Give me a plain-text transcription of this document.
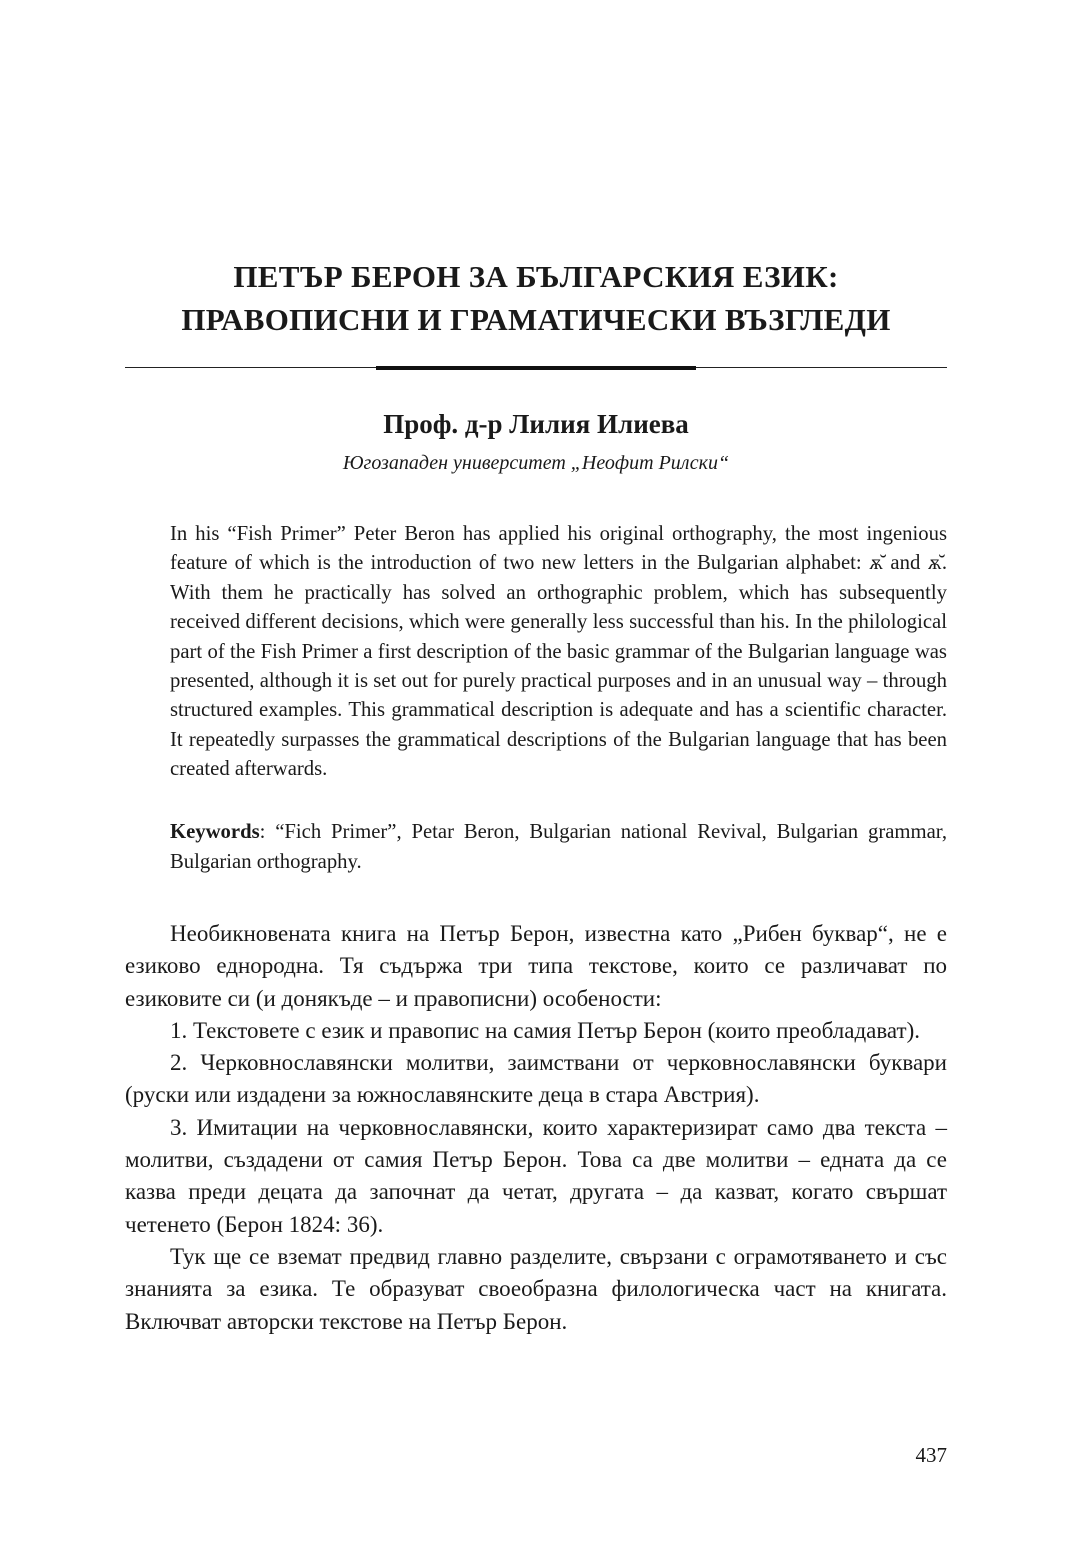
ПЕТЪР БЕРОН ЗА БЪЛГАРСКИЯ ЕЗИК:
ПРАВОПИСНИ И ГРАМАТИЧЕСКИ ВЪЗГЛЕДИ

Проф. д-р Лилия Илиева

Югозападен университет „Неофит Рилски“

In his “Fish Primer” Peter Beron has applied his original orthography, the most ingenious feature of which is the introduction of two new letters in the Bulgarian alphabet: ѫ̆ and ѫ̆. With them he practically has solved an orthographic problem, which has subsequently received different decisions, which were generally less successful than his. In the philological part of the Fish Primer a first description of the basic grammar of the Bulgarian language was presented, although it is set out for purely practical purposes and in an unusual way – through structured examples. This grammatical description is adequate and has a scientific character. It repeatedly surpasses the grammatical descriptions of the Bulgarian language that has been created afterwards.

Keywords: “Fich Primer”, Petar Beron, Bulgarian national Revival, Bulgarian grammar, Bulgarian orthography.

Необикновената книга на Петър Берон, известна като „Рибен буквар“, не е езиково еднородна. Тя съдържа три типа текстове, които се различават по езиковите си (и донякъде – и правописни) особености:

1. Текстовете с език и правопис на самия Петър Берон (които преобладават).

2. Черковнославянски молитви, заимствани от черковнославянски буквари (руски или издадени за южнославянските деца в стара Австрия).

3. Имитации на черковнославянски, които характеризират само два текста – молитви, създадени от самия Петър Берон. Това са две молитви – едната да се казва преди децата да започнат да четат, другата – да казват, когато свършат четенето (Берон 1824: 36).

Тук ще се вземат предвид главно разделите, свързани с ограмотяването и със знанията за езика. Те образуват своеобразна филологическа част на книгата. Включват авторски текстове на Петър Берон.

437
